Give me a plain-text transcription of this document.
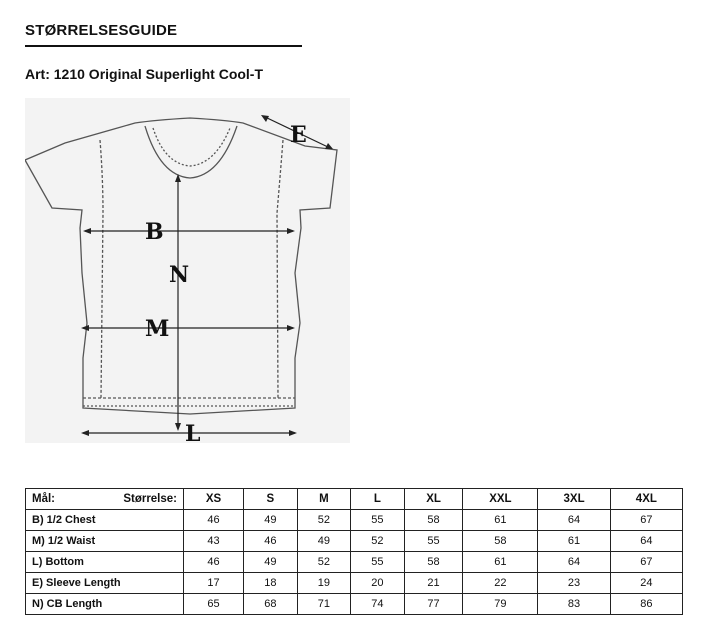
STØRRELSESGUIDE
Art: 1210 Original Superlight Cool-T
B
N
M
L
E
Mål: Størrelse:	XS	S	M	L	XL	XXL	3XL	4XL
B) 1/2 Chest	46	49	52	55	58	61	64	67
M) 1/2 Waist	43	46	49	52	55	58	61	64
L) Bottom	46	49	52	55	58	61	64	67
E) Sleeve Length	17	18	19	20	21	22	23	24
N) CB Length	65	68	71	74	77	79	83	86
